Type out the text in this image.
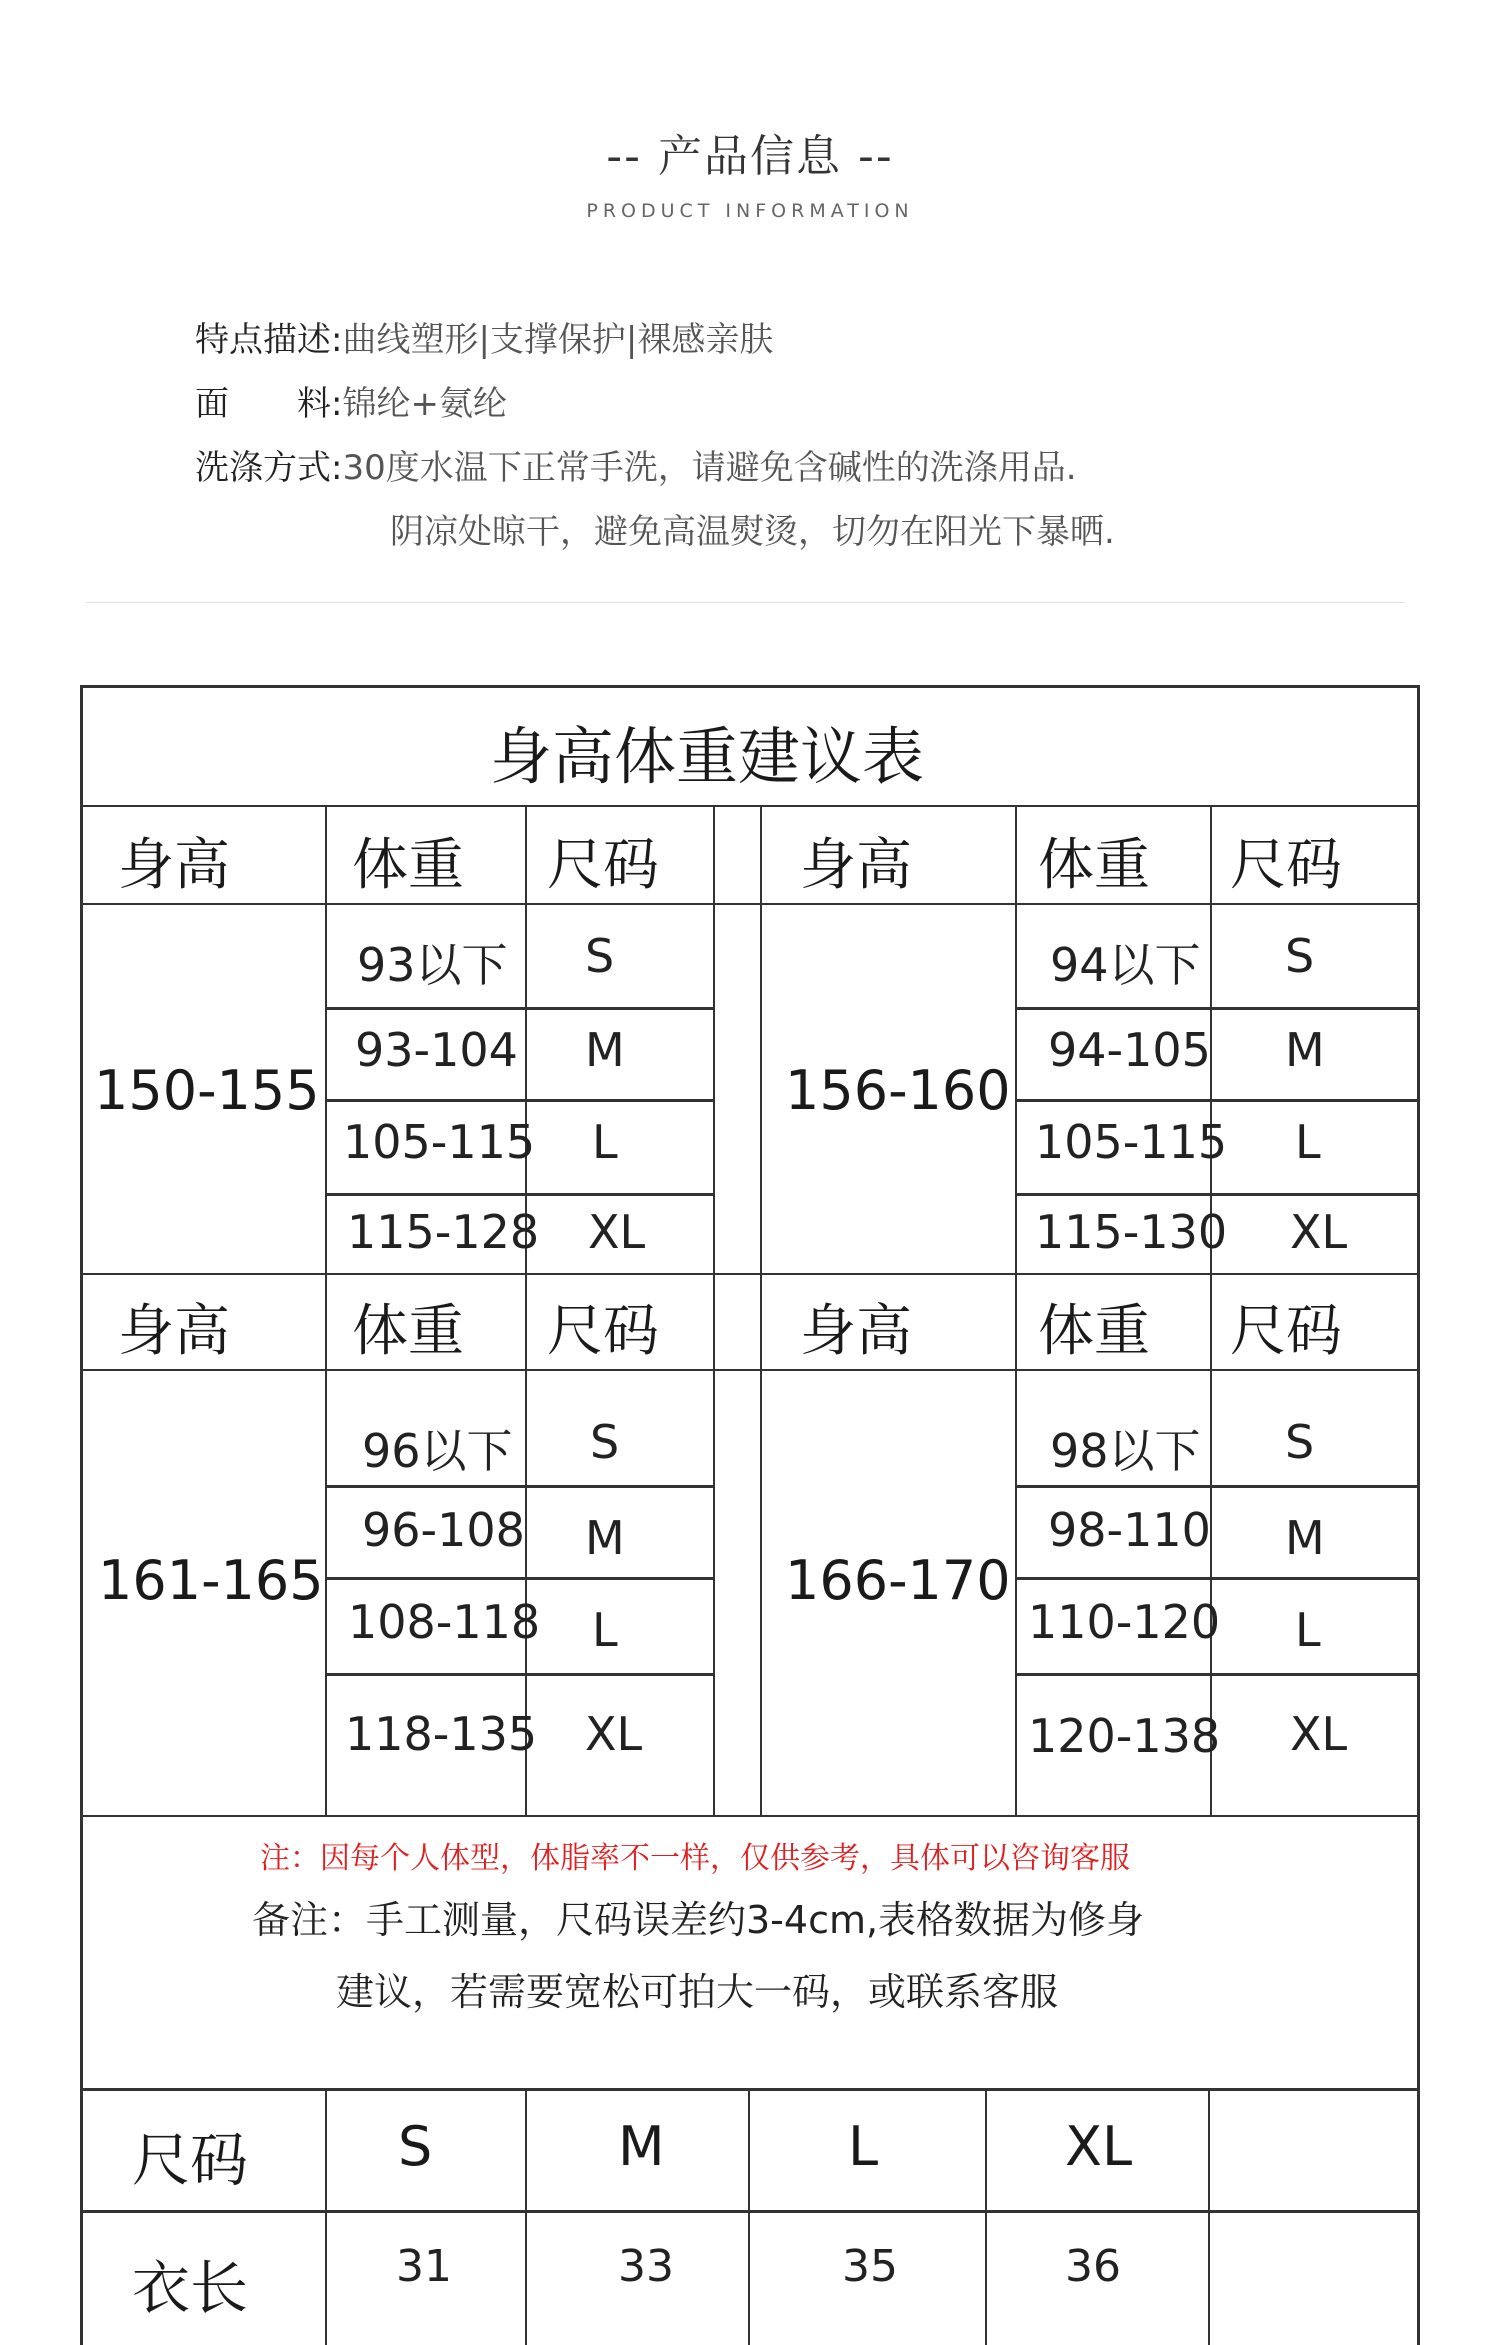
-- 产品信息 --
PRODUCT INFORMATION
特点描述:曲线塑形|支撑保护|裸感亲肤
面　　料:锦纶+氨纶
洗涤方式:30度水温下正常手洗，请避免含碱性的洗涤用品.
阴凉处晾干，避免高温熨烫，切勿在阳光下暴晒.
身高体重建议表
身高 体重 尺码	身高 体重 尺码
150-155
93以下 S
93-104 M
105-115 L
115-128 XL
156-160
94以下 S
94-105 M
105-115 L
115-130 XL
身高 体重 尺码	身高 体重 尺码
161-165
96以下 S
96-108 M
108-118 L
118-135 XL
166-170
98以下 S
98-110 M
110-120 L
120-138 XL
注：因每个人体型，体脂率不一样，仅供参考，具体可以咨询客服
备注：手工测量，尺码误差约3-4cm,表格数据为修身
建议，若需要宽松可拍大一码，或联系客服
尺码	S	M	L	XL
衣长	31	33	35	36
